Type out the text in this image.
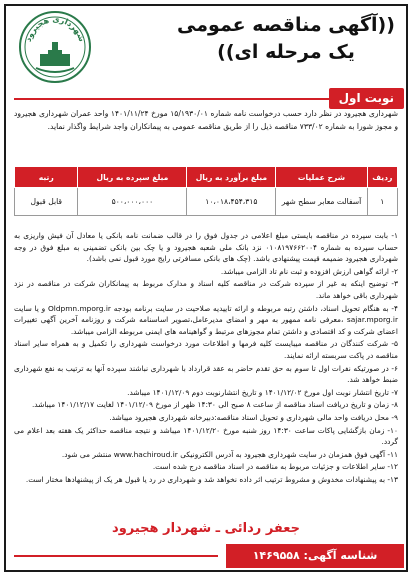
((آگهی مناقصه عمومی
یک مرحله ای))
شهرداری هجیرود
نوبت اول
شهرداری هجیرود در نظر دارد حسب درخواست نامه شماره ۱۵/۱۹۳۰/۰۱ مورخ ۱۴۰۱/۱۱/۲۴ واحد عمران شهرداری هجیرود و مجوز شورا به شماره ۷۳۳/۰۲ مناقصه ذیل را از طریق مناقصه عمومی به پیمانکاران واجد شرایط واگذار نماید.
ردیف	شرح عملیات	مبلغ برآورد به ریال	مبلغ سپرده به ریال	رتبه
۱	آسفالت معابر سطح شهر	۱۰،۰۱۸،۴۵۴،۳۱۵	۵۰۰،۰۰۰،۰۰۰	قابل قبول

۱- بابت سپرده در مناقصه بایستی مبلغ اعلامی در جدول فوق را در قالب ضمانت نامه بانکی یا معادل آن فیش واریزی به حساب سپرده به شماره ۰۱۰۸۱۹۷۶۶۲۰۰۴ نزد بانک ملی شعبه هجیرود و یا چک بین بانکی تضمینی به مبلغ فوق در وجه شهرداری هجیرود ضمیمه قیمت پیشنهادی باشد. (چک های بانکی مسافرتی رایج مورد قبول نمی باشد).

۲- ارائه گواهی ارزش افزوده و ثبت نام تاد الزامی میباشد.

۳- توضیح اینکه به غیر از سپرده شرکت در مناقصه کلیه اسناد و مدارک مربوط به پیمانکاران شرکت در مناقصه در نزد شهرداری باقی خواهد ماند.

۴- به هنگام تحویل اسناد، داشتن رتبه مربوطه و ارائه تاییدیه صلاحیت در سایت برنامه بودجه Oldpmn.mporg.ir و یا سایت sajar.mporg.ir ،معرفی نامه ممهور به مهر و امضای مدیرعامل،تصویر اساسنامه شرکت و روزنامه آخرین آگهی تغییرات اعضای شرکت و کد اقتصادی و داشتن تمام مجوزهای مرتبط و گواهینامه های ایمنی مربوطه الزامی میباشد.

۵- شرکت کنندگان در مناقصه میبایست کلیه فرمها و اطلاعات مورد درخواست شهرداری را تکمیل و به همراه سایر اسناد مناقصه در پاکت سربسته ارائه نمایند.

۶- در صورتیکه نفرات اول تا سوم به حق تقدم حاضر به عقد قرارداد با شهرداری نباشند سپرده آنها به ترتیب به نفع شهرداری ضبط خواهد شد.

۷- تاریخ انتشار نوبت اول مورخ ۱۴۰۱/۱۲/۰۲ و تاریخ انتشارنوبت دوم ۱۴۰۱/۱۲/۰۹ میباشد.

۸- زمان و تاریخ دریافت اسناد مناقصه از ساعت ۸ صبح الی ۱۴:۳۰ ظهر از مورخ ۱۴۰۱/۱۲/۰۹ لغایت ۱۴۰۱/۱۲/۱۷ میباشد.

۹- محل دریافت واحد مالی شهرداری و تحویل اسناد مناقصه:دبیرخانه شهرداری هجیرود میباشد.

۱۰- زمان بازگشایی پاکات ساعت ۱۴:۳۰ روز شنبه مورخ ۱۴۰۱/۱۲/۲۰ میباشد و نتیجه مناقصه حداکثر یک هفته بعد اعلام می گردد.

۱۱- آگهی فوق همزمان در سایت شهرداری هجیرود به آدرس الکترونیکی www.hachiroud.ir منتشر می شود.

۱۲- سایر اطلاعات و جزئیات مربوط به مناقصه در اسناد مناقصه درج شده است.

۱۳- به پیشنهادات مخدوش و مشروط ترتیب اثر داده نخواهد شد و شهرداری در رد یا قبول هر یک از پیشنهادها مختار است.

جعفر ردائی ـ شهردار هجیرود
شناسه آگهی: ۱۴۶۹۵۵۸
